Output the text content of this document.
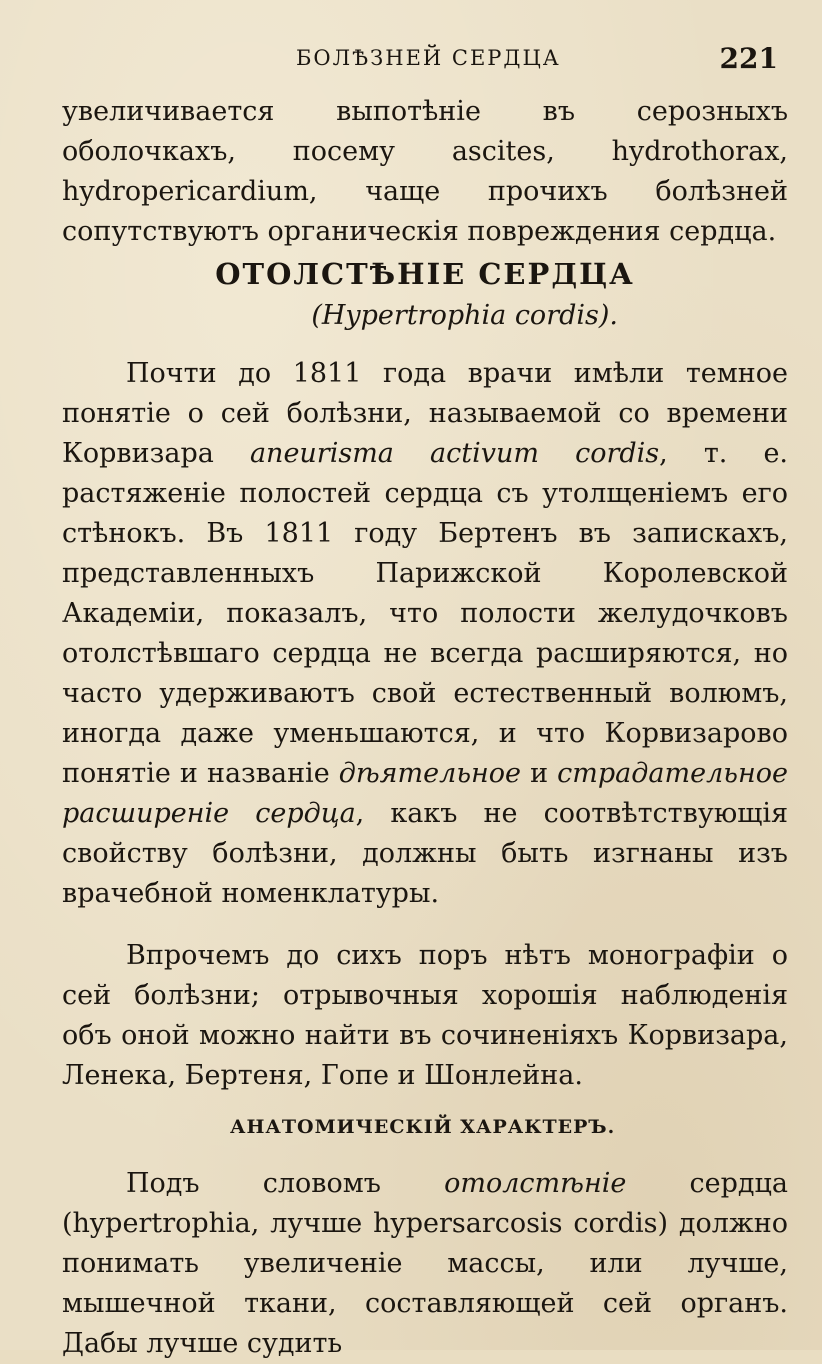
БОЛѢЗНЕЙ СЕРДЦА	221

увеличивается выпотѣніе въ серозныхъ оболочкахъ, посему ascites, hydrothorax, hydropericardium, чаще прочихъ болѣзней сопутствуютъ органическія повреждения сердца.

ОТОЛСТѢНІЕ СЕРДЦА

(Hypertrophia cordis).

Почти до 1811 года врачи имѣли темное понятіе о сей болѣзни, называемой со времени Корвизара aneurisma activum cordis, т. е. растяженіе полостей сердца съ утолщеніемъ его стѣнокъ. Въ 1811 году Бертенъ въ запискахъ, представленныхъ Парижской Королевской Академіи, показалъ, что полости желудочковъ отолстѣвшаго сердца не всегда расширяются, но часто удерживаютъ свой естественный волюмъ, иногда даже уменьшаются, и что Корвизарово понятіе и названіе дѣятельное и страдательное расширеніе сердца, какъ не соотвѣтствующія свойству болѣзни, должны быть изгнаны изъ врачебной номенклатуры.

Впрочемъ до сихъ поръ нѣтъ монографіи о сей болѣзни; отрывочныя хорошія наблюденія объ оной можно найти въ сочиненіяхъ Корвизара, Ленека, Бертеня, Гопе и Шонлейна.

АНАТОМИЧЕСКІЙ ХАРАКТЕРЪ.

Подъ словомъ отолстѣніе сердца (hypertrophia, лучше hypersarcosis cordis) должно понимать увеличеніе массы, или лучше, мышечной ткани, составляющей сей органъ. Дабы лучше судить
